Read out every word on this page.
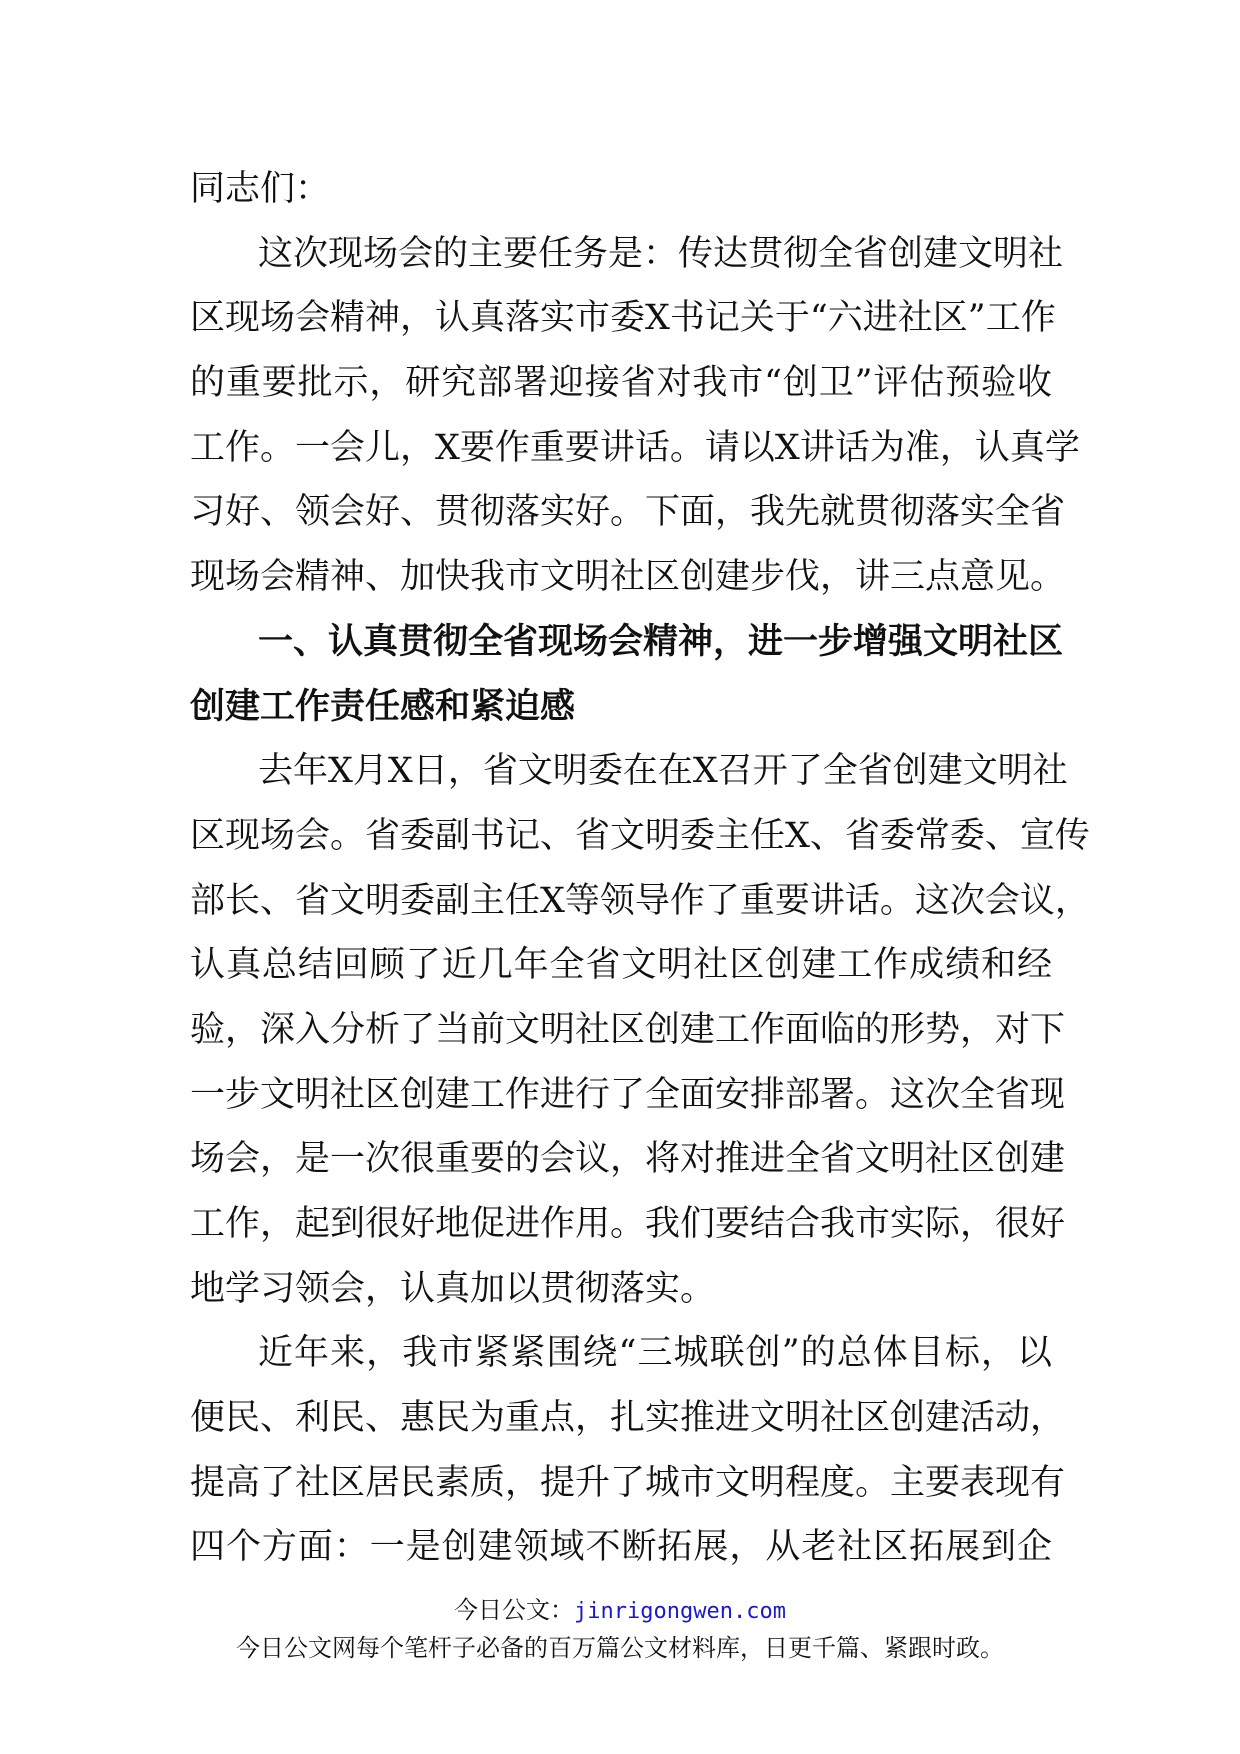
同志们：
这次现场会的主要任务是：传达贯彻全省创建文明社
区现场会精神，认真落实市委X书记关于“六进社区”工作
的重要批示，研究部署迎接省对我市“创卫”评估预验收
工作。一会儿，X要作重要讲话。请以X讲话为准，认真学
习好、领会好、贯彻落实好。下面，我先就贯彻落实全省
现场会精神、加快我市文明社区创建步伐，讲三点意见。
一、认真贯彻全省现场会精神，进一步增强文明社区
创建工作责任感和紧迫感
去年X月X日，省文明委在在X召开了全省创建文明社
区现场会。省委副书记、省文明委主任X、省委常委、宣传
部长、省文明委副主任X等领导作了重要讲话。这次会议，
认真总结回顾了近几年全省文明社区创建工作成绩和经
验，深入分析了当前文明社区创建工作面临的形势，对下
一步文明社区创建工作进行了全面安排部署。这次全省现
场会，是一次很重要的会议，将对推进全省文明社区创建
工作，起到很好地促进作用。我们要结合我市实际，很好
地学习领会，认真加以贯彻落实。
近年来，我市紧紧围绕“三城联创”的总体目标，以
便民、利民、惠民为重点，扎实推进文明社区创建活动，
提高了社区居民素质，提升了城市文明程度。主要表现有
四个方面：一是创建领域不断拓展，从老社区拓展到企
今日公文：jinrigongwen.com
今日公文网每个笔杆子必备的百万篇公文材料库，日更千篇、紧跟时政。
